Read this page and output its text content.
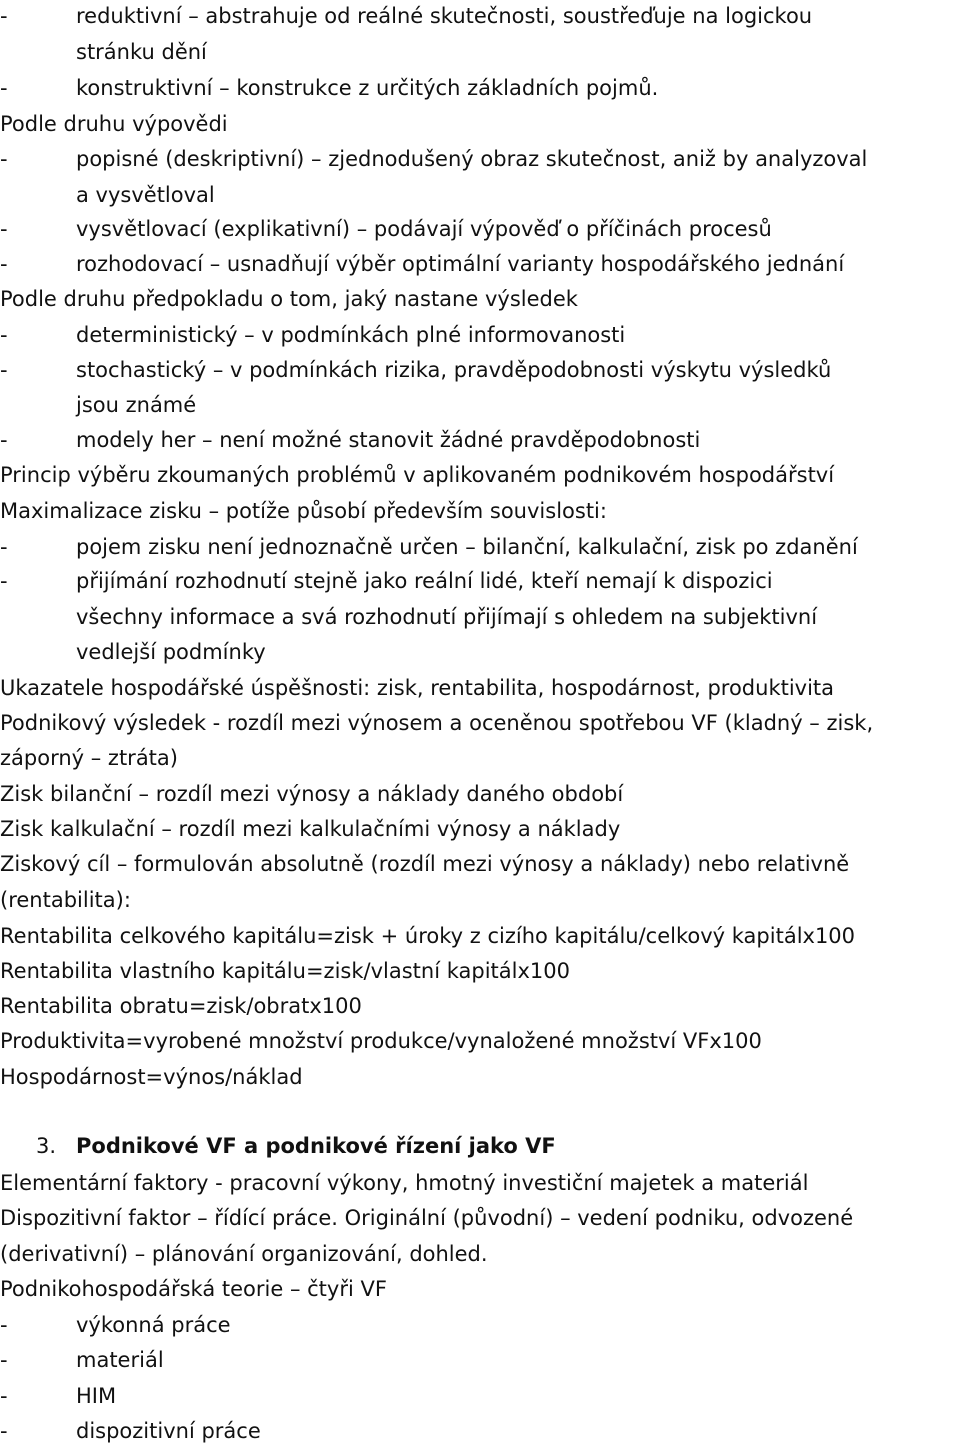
-	reduktivní – abstrahuje od reálné skutečnosti, soustřeďuje na logickou
stránku dění
-	konstruktivní – konstrukce z určitých základních pojmů.
Podle druhu výpovědi
-	popisné (deskriptivní) – zjednodušený obraz skutečnost, aniž by analyzoval
a vysvětloval
-	vysvětlovací (explikativní) – podávají výpověď o příčinách procesů
-	rozhodovací – usnadňují výběr optimální varianty hospodářského jednání
Podle druhu předpokladu o tom, jaký nastane výsledek
-	deterministický – v podmínkách plné informovanosti
-	stochastický – v podmínkách rizika, pravděpodobnosti výskytu výsledků
jsou známé
-	modely her – není možné stanovit žádné pravděpodobnosti
Princip výběru zkoumaných problémů v aplikovaném podnikovém hospodářství
Maximalizace zisku – potíže působí především souvislosti:
-	pojem zisku není jednoznačně určen – bilanční, kalkulační, zisk po zdanění
-	přijímání rozhodnutí stejně jako reální lidé, kteří nemají k dispozici
všechny informace a svá rozhodnutí přijímají s ohledem na subjektivní
vedlejší podmínky
Ukazatele hospodářské úspěšnosti: zisk, rentabilita, hospodárnost, produktivita
Podnikový výsledek - rozdíl mezi výnosem a oceněnou spotřebou VF (kladný – zisk,
záporný – ztráta)
Zisk bilanční – rozdíl mezi výnosy a náklady daného období
Zisk kalkulační – rozdíl mezi kalkulačními výnosy a náklady
Ziskový cíl – formulován absolutně (rozdíl mezi výnosy a náklady) nebo relativně
(rentabilita):
Rentabilita celkového kapitálu=zisk + úroky z cizího kapitálu/celkový kapitálx100
Rentabilita vlastního kapitálu=zisk/vlastní kapitálx100
Rentabilita obratu=zisk/obratx100
Produktivita=vyrobené množství produkce/vynaložené množství VFx100
Hospodárnost=výnos/náklad
3. Podnikové VF a podnikové řízení jako VF
Elementární faktory - pracovní výkony, hmotný investiční majetek a materiál
Dispozitivní faktor – řídící práce. Originální (původní) – vedení podniku, odvozené
(derivativní) – plánování organizování, dohled.
Podnikohospodářská teorie – čtyři VF
-	výkonná práce
-	materiál
-	HIM
-	dispozitivní práce
